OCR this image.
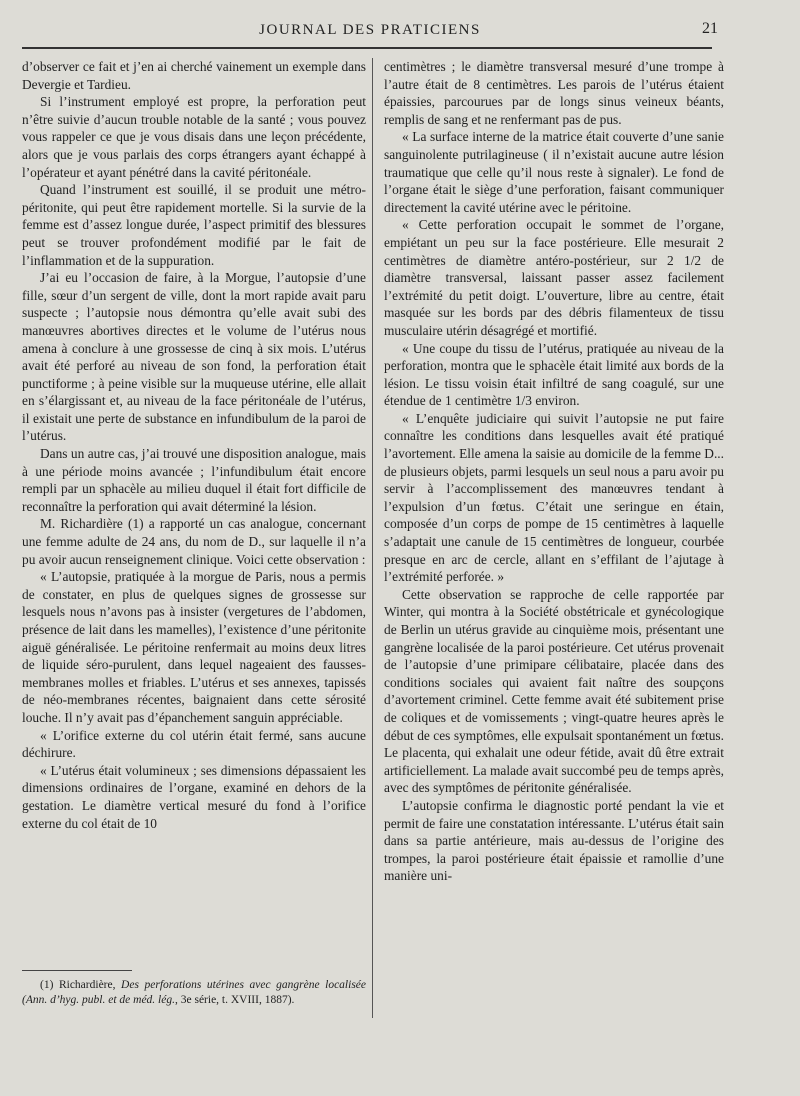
JOURNAL DES PRATICIENS	21

d’observer ce fait et j’en ai cherché vainement un exemple dans Devergie et Tardieu.

Si l’instrument employé est propre, la perforation peut n’être suivie d’aucun trouble notable de la santé ; vous pouvez vous rappeler ce que je vous disais dans une leçon précédente, alors que je vous parlais des corps étrangers ayant échappé à l’opérateur et ayant pénétré dans la cavité péritonéale.

Quand l’instrument est souillé, il se produit une métro-péritonite, qui peut être rapidement mortelle. Si la survie de la femme est d’assez longue durée, l’aspect primitif des blessures peut se trouver profondément modifié par le fait de l’inflammation et de la suppuration.

J’ai eu l’occasion de faire, à la Morgue, l’autopsie d’une fille, sœur d’un sergent de ville, dont la mort rapide avait paru suspecte ; l’autopsie nous démontra qu’elle avait subi des manœuvres abortives directes et le volume de l’utérus nous amena à conclure à une grossesse de cinq à six mois. L’utérus avait été perforé au niveau de son fond, la perforation était punctiforme ; à peine visible sur la muqueuse utérine, elle allait en s’élargissant et, au niveau de la face péritonéale de l’utérus, il existait une perte de substance en infundibulum de la paroi de l’utérus.

Dans un autre cas, j’ai trouvé une disposition analogue, mais à une période moins avancée ; l’infundibulum était encore rempli par un sphacèle au milieu duquel il était fort difficile de reconnaître la perforation qui avait déterminé la lésion.

M. Richardière (1) a rapporté un cas analogue, concernant une femme adulte de 24 ans, du nom de D., sur laquelle il n’a pu avoir aucun renseignement clinique. Voici cette observation :

« L’autopsie, pratiquée à la morgue de Paris, nous a permis de constater, en plus de quelques signes de grossesse sur lesquels nous n’avons pas à insister (vergetures de l’abdomen, présence de lait dans les mamelles), l’existence d’une péritonite aiguë généralisée. Le péritoine renfermait au moins deux litres de liquide séro-purulent, dans lequel nageaient des fausses-membranes molles et friables. L’utérus et ses annexes, tapissés de néo-membranes récentes, baignaient dans cette sérosité louche. Il n’y avait pas d’épanchement sanguin appréciable.

« L’orifice externe du col utérin était fermé, sans aucune déchirure.

« L’utérus était volumineux ; ses dimensions dépassaient les dimensions ordinaires de l’organe, examiné en dehors de la gestation. Le diamètre vertical mesuré du fond à l’orifice externe du col était de 10

centimètres ; le diamètre transversal mesuré d’une trompe à l’autre était de 8 centimètres. Les parois de l’utérus étaient épaissies, parcourues par de longs sinus veineux béants, remplis de sang et ne renfermant pas de pus.

« La surface interne de la matrice était couverte d’une sanie sanguinolente putrilagineuse ( il n’existait aucune autre lésion traumatique que celle qu’il nous reste à signaler). Le fond de l’organe était le siège d’une perforation, faisant communiquer directement la cavité utérine avec le péritoine.

« Cette perforation occupait le sommet de l’organe, empiétant un peu sur la face postérieure. Elle mesurait 2 centimètres de diamètre antéro-postérieur, sur 2 1/2 de diamètre transversal, laissant passer assez facilement l’extrémité du petit doigt. L’ouverture, libre au centre, était masquée sur les bords par des débris filamenteux de tissu musculaire utérin désagrégé et mortifié.

« Une coupe du tissu de l’utérus, pratiquée au niveau de la perforation, montra que le sphacèle était limité aux bords de la lésion. Le tissu voisin était infiltré de sang coagulé, sur une étendue de 1 centimètre 1/3 environ.

« L’enquête judiciaire qui suivit l’autopsie ne put faire connaître les conditions dans lesquelles avait été pratiqué l’avortement. Elle amena la saisie au domicile de la femme D... de plusieurs objets, parmi lesquels un seul nous a paru avoir pu servir à l’accomplissement des manœuvres tendant à l’expulsion d’un fœtus. C’était une seringue en étain, composée d’un corps de pompe de 15 centimètres à laquelle s’adaptait une canule de 15 centimètres de longueur, courbée presque en arc de cercle, allant en s’effilant de l’ajutage à l’extrémité perforée. »

Cette observation se rapproche de celle rapportée par Winter, qui montra à la Société obstétricale et gynécologique de Berlin un utérus gravide au cinquième mois, présentant une gangrène localisée de la paroi postérieure. Cet utérus provenait de l’autopsie d’une primipare célibataire, placée dans des conditions sociales qui avaient fait naître des soupçons d’avortement criminel. Cette femme avait été subitement prise de coliques et de vomissements ; vingt-quatre heures après le début de ces symptômes, elle expulsait spontanément un fœtus. Le placenta, qui exhalait une odeur fétide, avait dû être extrait artificiellement. La malade avait succombé peu de temps après, avec des symptômes de péritonite généralisée.

L’autopsie confirma le diagnostic porté pendant la vie et permit de faire une constatation intéressante. L’utérus était sain dans sa partie antérieure, mais au-dessus de l’origine des trompes, la paroi postérieure était épaissie et ramollie d’une manière uni-

(1) Richardière, Des perforations utérines avec gangrène localisée (Ann. d’hyg. publ. et de méd. lég., 3e série, t. XVIII, 1887).
